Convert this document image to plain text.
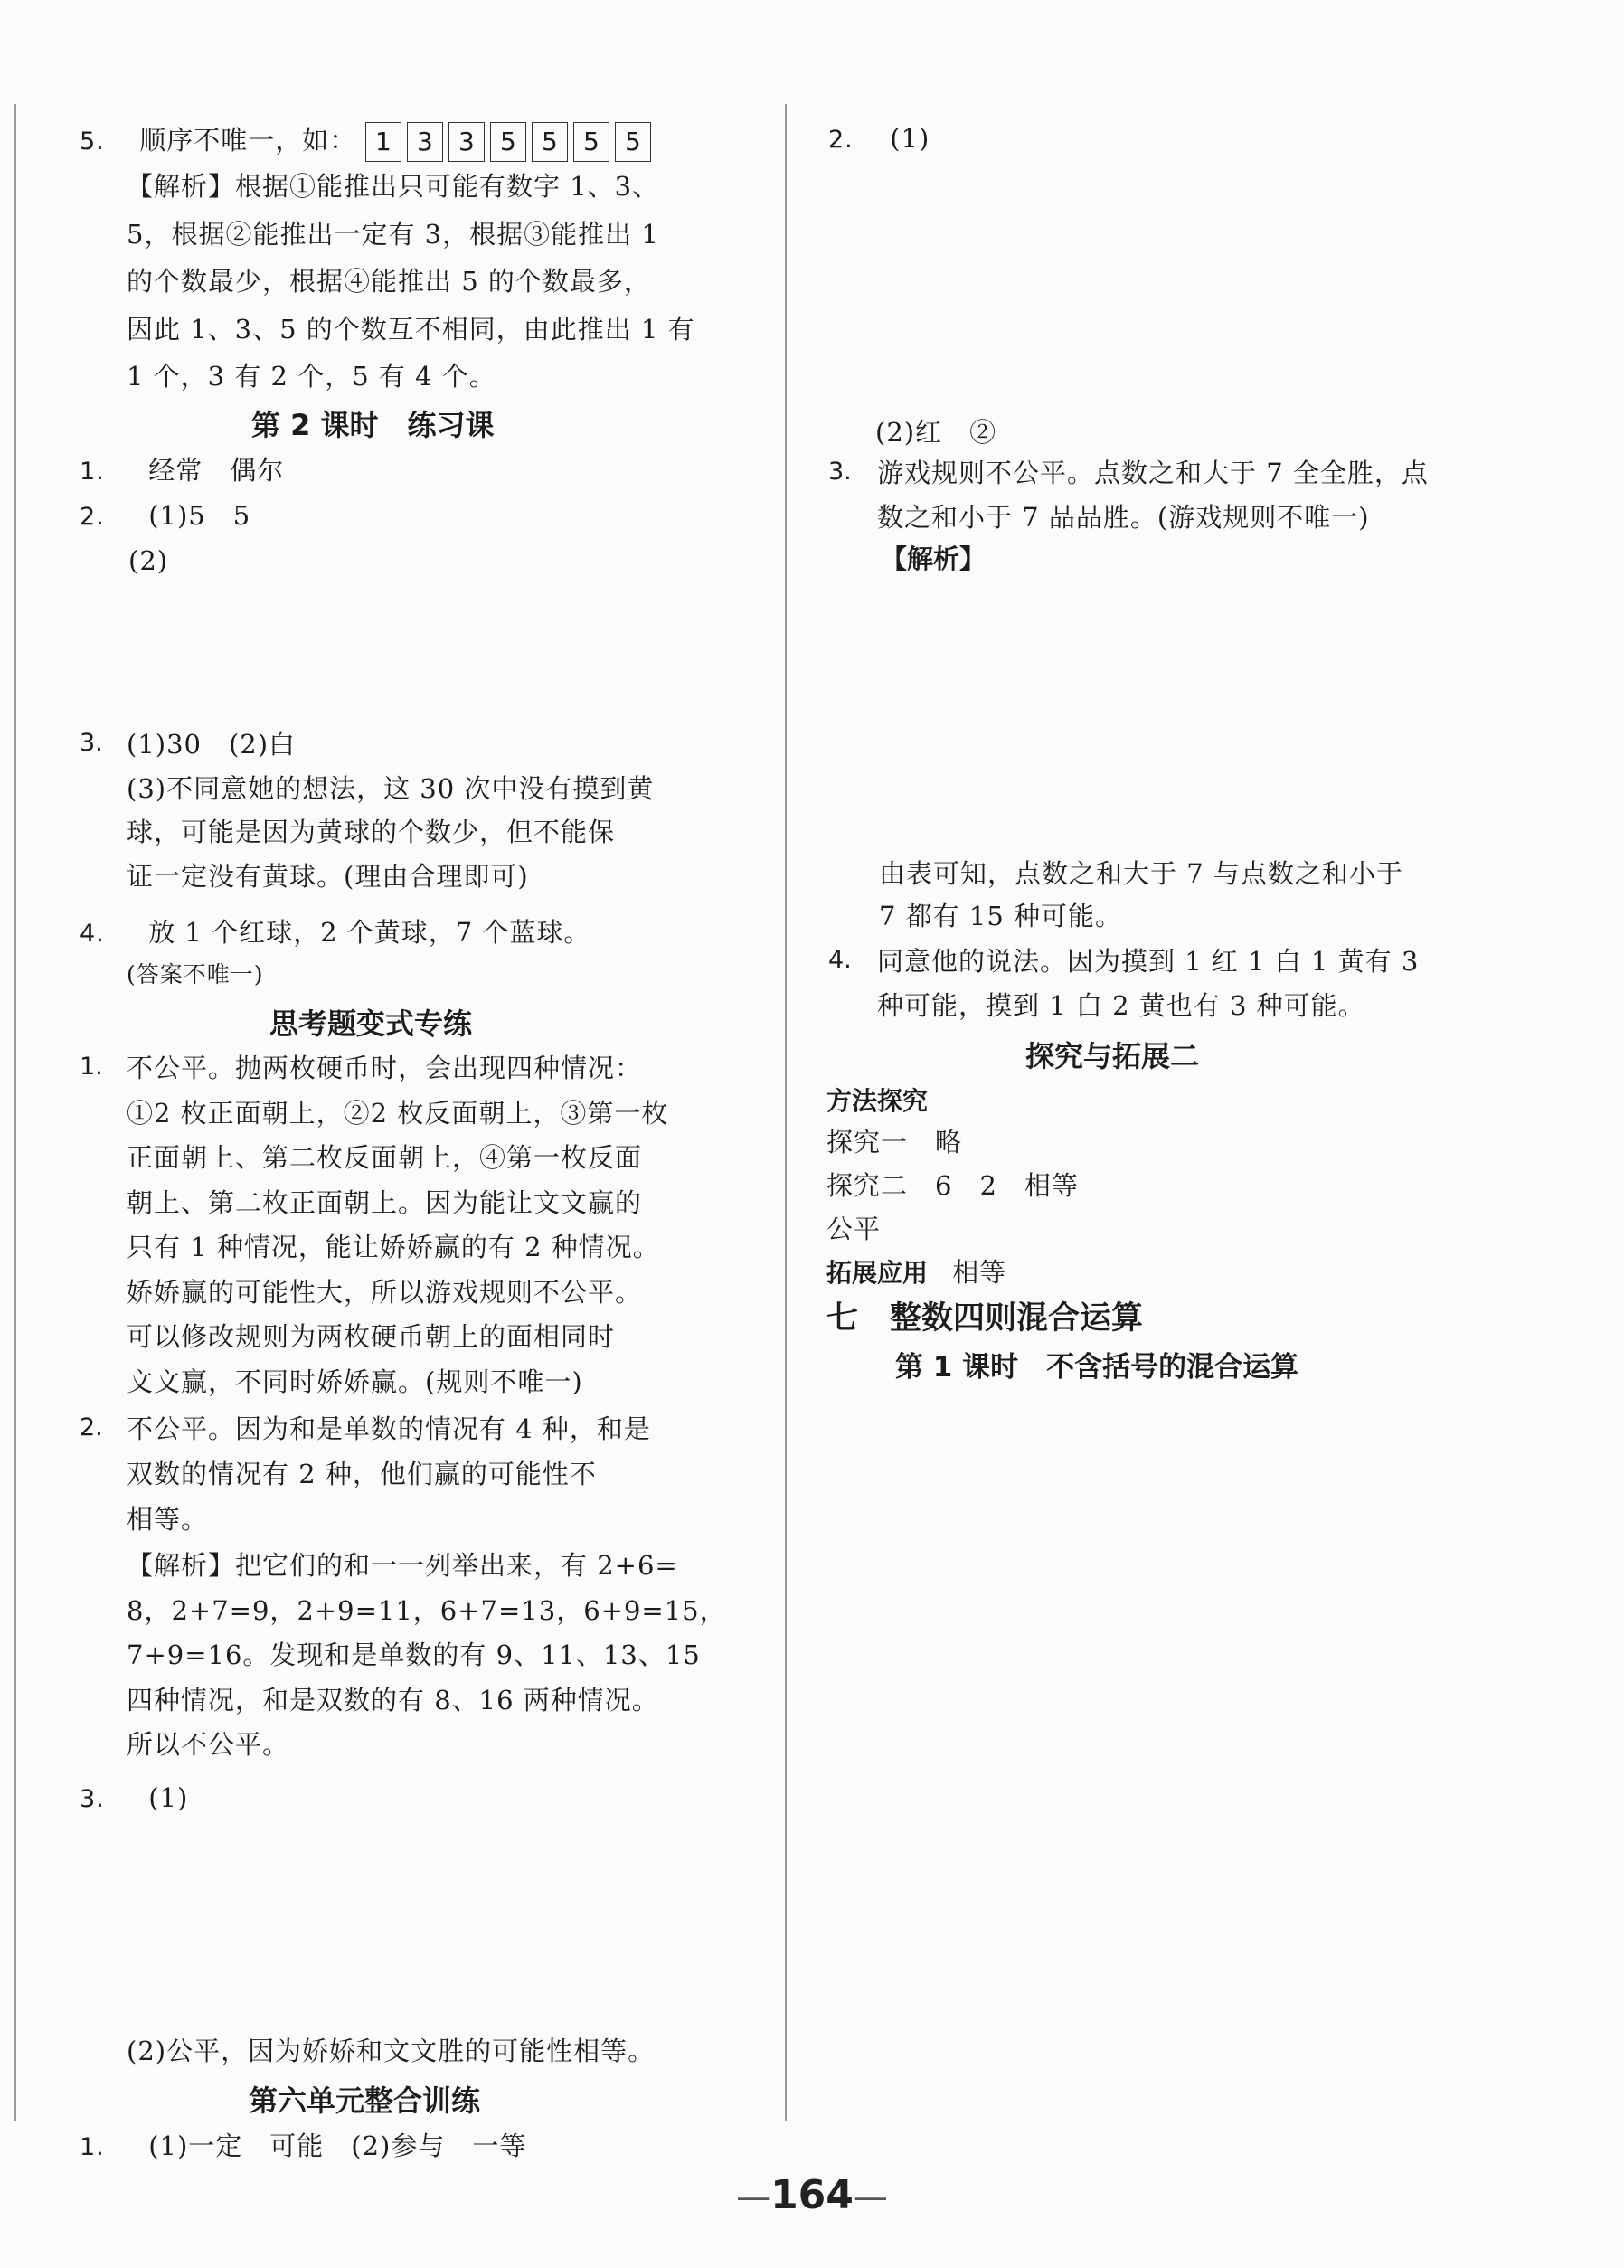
5. 顺序不唯一，如： 1 3 3 5 5 5 5
【解析】根据①能推出只可能有数字 1、3、
5，根据②能推出一定有 3，根据③能推出 1
的个数最少，根据④能推出 5 的个数最多，
因此 1、3、5 的个数互不相同，由此推出 1 有
1 个，3 有 2 个，5 有 4 个。
第 2 课时　练习课
1. 经常　偶尔
2. (1)5　5
(2)
3. (1)30　(2)白
(3)不同意她的想法，这 30 次中没有摸到黄
球，可能是因为黄球的个数少，但不能保
证一定没有黄球。(理由合理即可)
4. 放 1 个红球，2 个黄球，7 个蓝球。
(答案不唯一)
思考题变式专练
1. 不公平。抛两枚硬币时，会出现四种情况：
①2 枚正面朝上，②2 枚反面朝上，③第一枚
正面朝上、第二枚反面朝上，④第一枚反面
朝上、第二枚正面朝上。因为能让文文赢的
只有 1 种情况，能让娇娇赢的有 2 种情况。
娇娇赢的可能性大，所以游戏规则不公平。
可以修改规则为两枚硬币朝上的面相同时
文文赢，不同时娇娇赢。(规则不唯一)
2. 不公平。因为和是单数的情况有 4 种，和是
双数的情况有 2 种，他们赢的可能性不
相等。
【解析】把它们的和一一列举出来，有 2+6=
8，2+7=9，2+9=11，6+7=13，6+9=15，
7+9=16。发现和是单数的有 9、11、13、15
四种情况，和是双数的有 8、16 两种情况。
所以不公平。
3. (1)
(2)公平，因为娇娇和文文胜的可能性相等。
第六单元整合训练
1. (1)一定　可能　(2)参与　一等
2. (1)
(2)红　②
3. 游戏规则不公平。点数之和大于 7 全全胜，点
数之和小于 7 品品胜。(游戏规则不唯一)
【解析】
由表可知，点数之和大于 7 与点数之和小于
7 都有 15 种可能。
4. 同意他的说法。因为摸到 1 红 1 白 1 黄有 3
种可能，摸到 1 白 2 黄也有 3 种可能。
探究与拓展二
方法探究
探究一　略
探究二　6　2　相等
公平
拓展应用 相等
七　整数四则混合运算
第 1 课时　不含括号的混合运算
—164—
